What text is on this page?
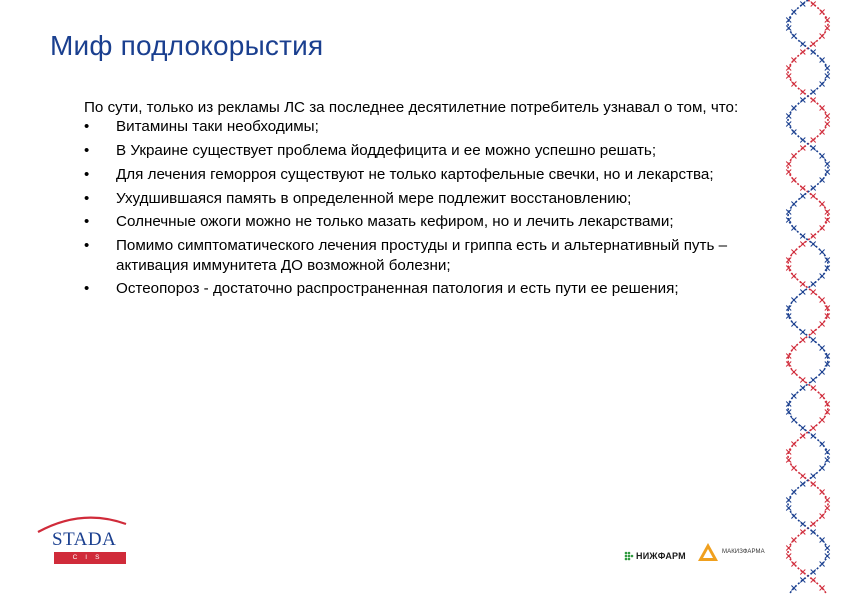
Миф подлокорыстия

По сути, только из рекламы ЛС за последнее десятилетние потребитель узнавал о том, что:

• Витамины таки необходимы;
• В Украине существует проблема йоддефицита и ее можно успешно решать;
• Для лечения геморроя существуют не только картофельные свечки, но и лекарства;
• Ухудшившаяся память в определенной мере подлежит восстановлению;
• Солнечные ожоги можно не только мазать кефиром, но и лечить лекарствами;
• Помимо симптоматического лечения простуды и гриппа есть и альтернативный путь – активация иммунитета ДО возможной болезни;
• Остеопороз - достаточно распространенная патология и есть пути ее решения;
STADA
CIS	НИЖФАРМ	МАКИЗФАРМА
